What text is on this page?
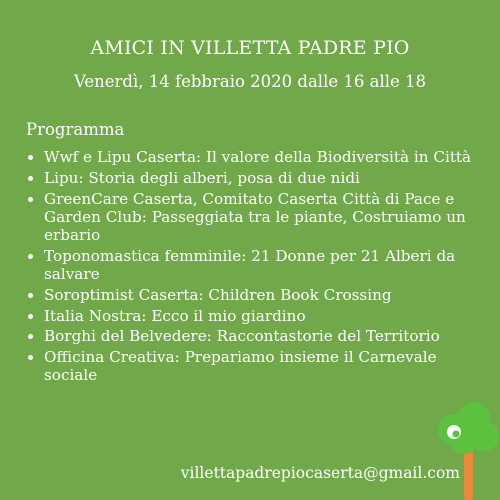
AMICI IN VILLETTA PADRE PIO
Venerdì, 14 febbraio 2020 dalle 16 alle 18
Programma
• Wwf e Lipu Caserta: Il valore della Biodiversità in Città
• Lipu: Storia degli alberi, posa di due nidi
• GreenCare Caserta, Comitato Caserta Città di Pace e Garden Club: Passeggiata tra le piante, Costruiamo un erbario
• Toponomastica femminile: 21 Donne per 21 Alberi da salvare
• Soroptimist Caserta: Children Book Crossing
• Italia Nostra: Ecco il mio giardino
• Borghi del Belvedere: Raccontastorie del Territorio
• Officina Creativa: Prepariamo insieme il Carnevale sociale
villettapadrepiocaserta@gmail.com
